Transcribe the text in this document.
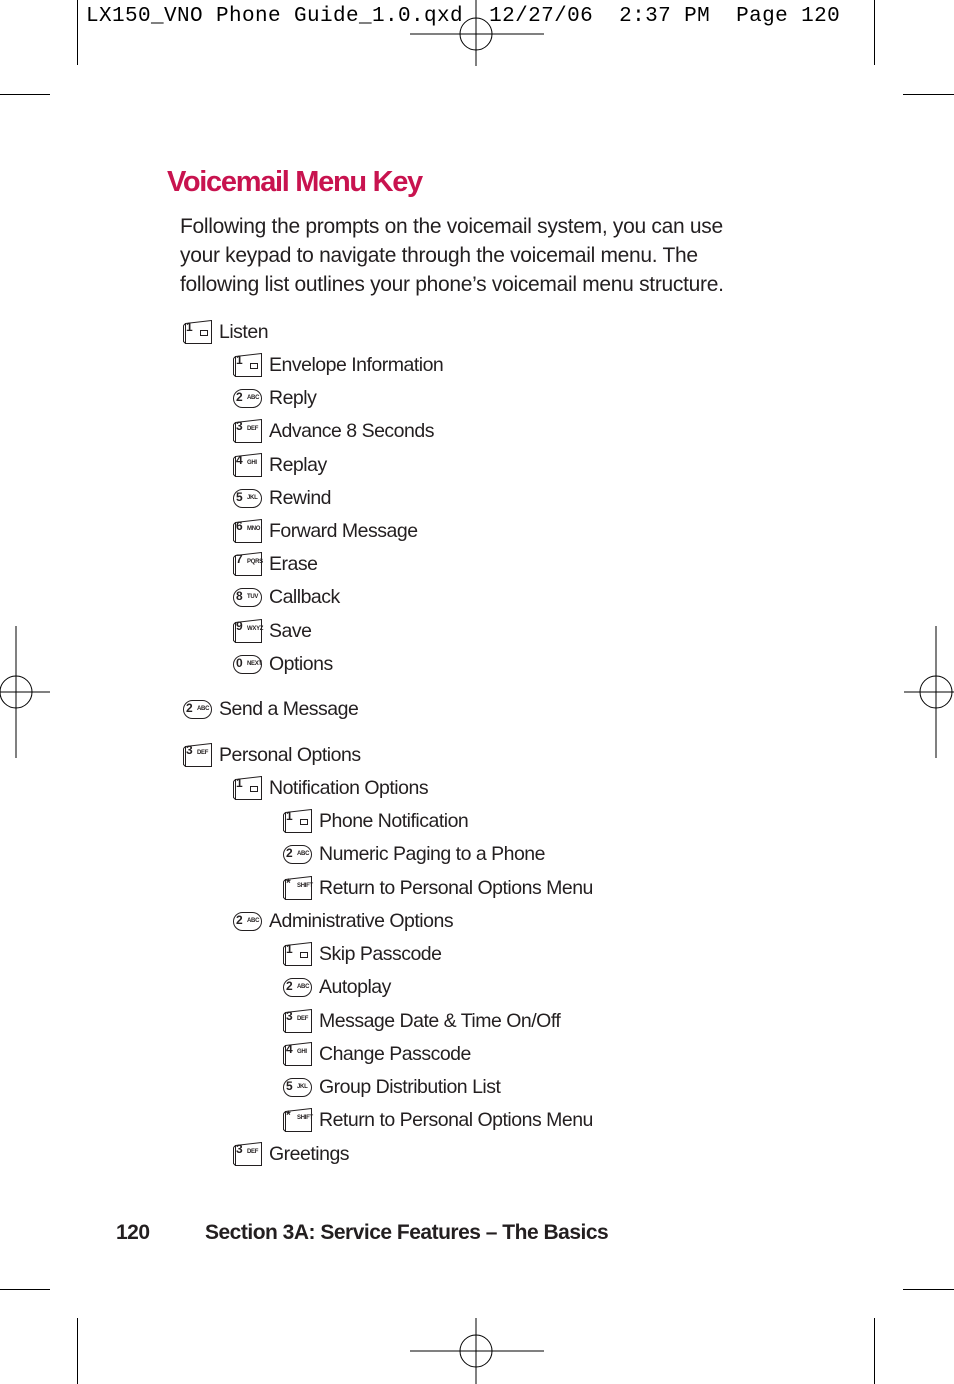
LX150_VNO Phone Guide_1.0.qxd 12/27/06 2:37 PM Page 120
Voicemail Menu Key

Following the prompts on the voicemail system, you can use

your keypad to navigate through the voicemail menu. The

following list outlines your phone’s voicemail menu structure.

1 Listen
1 Envelope Information
2 ABC Reply
3 DEF Advance 8 Seconds
4 GHI Replay
5 JKL Rewind
6 MNO Forward Message
7 PQRS Erase
8 TUV Callback
9 WXYZ Save
0 NEXT Options
2 ABC Send a Message
3 DEF Personal Options
1 Notification Options
1 Phone Notification
2 ABC Numeric Paging to a Phone
* SHIFT Return to Personal Options Menu
2 ABC Administrative Options
1 Skip Passcode
2 ABC Autoplay
3 DEF Message Date & Time On/Off
4 GHI Change Passcode
5 JKL Group Distribution List
* SHIFT Return to Personal Options Menu
3 DEF Greetings
120	Section 3A: Service Features – The Basics
